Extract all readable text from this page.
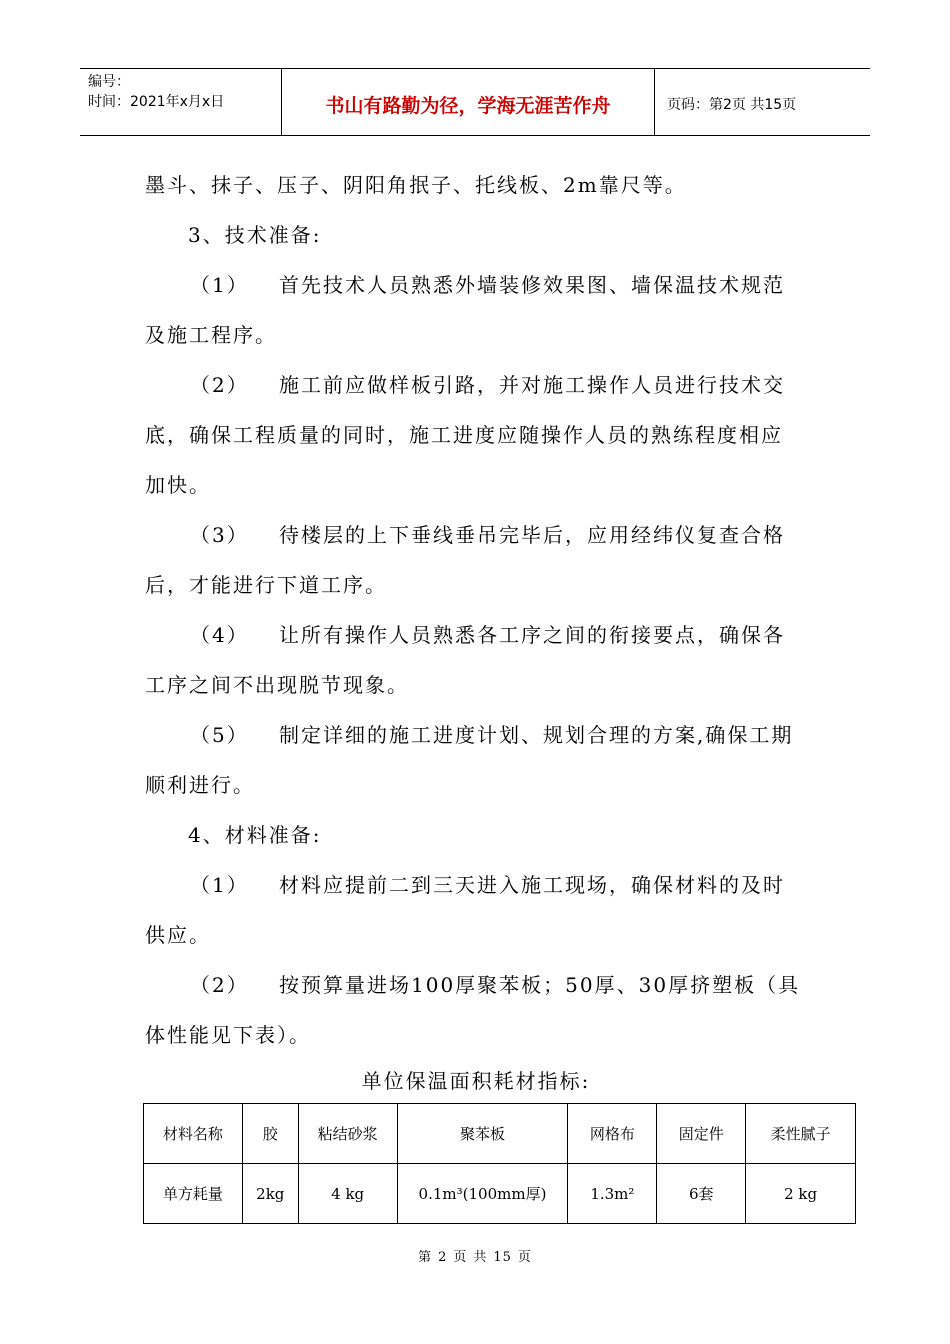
编号：
时间：2021年x月x日	书山有路勤为径，学海无涯苦作舟	页码：第2页 共15页

墨斗、抹子、压子、阴阳角抿子、托线板、2m靠尺等。

3、技术准备:

（1）	首先技术人员熟悉外墙装修效果图、墙保温技术规范

及施工程序。

（2）	施工前应做样板引路，并对施工操作人员进行技术交

底，确保工程质量的同时，施工进度应随操作人员的熟练程度相应

加快。

（3）	待楼层的上下垂线垂吊完毕后，应用经纬仪复查合格

后，才能进行下道工序。

（4）	让所有操作人员熟悉各工序之间的衔接要点，确保各

工序之间不出现脱节现象。

（5）	制定详细的施工进度计划、规划合理的方案,确保工期

顺利进行。

4、材料准备:

（1）	材料应提前二到三天进入施工现场，确保材料的及时

供应。

（2）	按预算量进场100厚聚苯板；50厚、30厚挤塑板（具

体性能见下表）。

单位保温面积耗材指标:
材料名称	胶	粘结砂浆	聚苯板	网格布	固定件	柔性腻子
单方耗量	2kg	4 kg	0.1m³(100mm厚)	1.3m²	6套	2 kg
第 2 页 共 15 页
